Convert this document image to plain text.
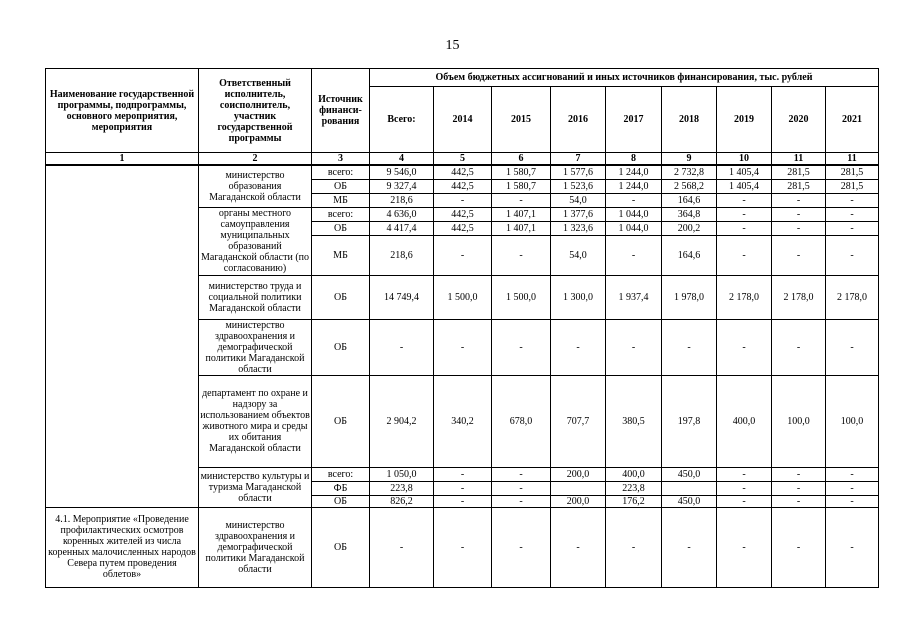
15
Наименование государственной программы, подпрограммы, основного мероприятия, мероприятия	Ответственный исполнитель, соисполнитель, участник государственной программы	Источник финанси-рования	Объем бюджетных ассигнований и иных источников финансирования, тыс. рублей								
			Всего:	2014	2015	2016	2017	2018	2019	2020	2021
1	2	3	4	5	6	7	8	9	10	11	11
	министерство образования Магаданской области	всего:	9 546,0	442,5	1 580,7	1 577,6	1 244,0	2 732,8	1 405,4	281,5	281,5
		ОБ	9 327,4	442,5	1 580,7	1 523,6	1 244,0	2 568,2	1 405,4	281,5	281,5
		МБ	218,6	-	-	54,0	-	164,6	-	-	-
	органы местного самоуправления муниципальных образований Магаданской области (по согласованию)	всего:	4 636,0	442,5	1 407,1	1 377,6	1 044,0	364,8	-	-	-
		ОБ	4 417,4	442,5	1 407,1	1 323,6	1 044,0	200,2	-	-	-
		МБ	218,6	-	-	54,0	-	164,6	-	-	-
	министерство труда и социальной политики Магаданской области	ОБ	14 749,4	1 500,0	1 500,0	1 300,0	1 937,4	1 978,0	2 178,0	2 178,0	2 178,0
	министерство здравоохранения и демографической политики Магаданской области	ОБ	-	-	-	-	-	-	-	-	-
	департамент по охране и надзору за использованием объектов животного мира и среды их обитания Магаданской области	ОБ	2 904,2	340,2	678,0	707,7	380,5	197,8	400,0	100,0	100,0
	министерство культуры и туризма Магаданской области	всего:	1 050,0	-	-	200,0	400,0	450,0	-	-	-
		ФБ	223,8	-	-		223,8		-	-	-
		ОБ	826,2	-	-	200,0	176,2	450,0	-	-	-
4.1. Мероприятие «Проведение профилактических осмотров коренных жителей из числа коренных малочисленных народов Севера путем проведения облетов»	министерство здравоохранения и демографической политики Магаданской области	ОБ	-	-	-	-	-	-	-	-	-
